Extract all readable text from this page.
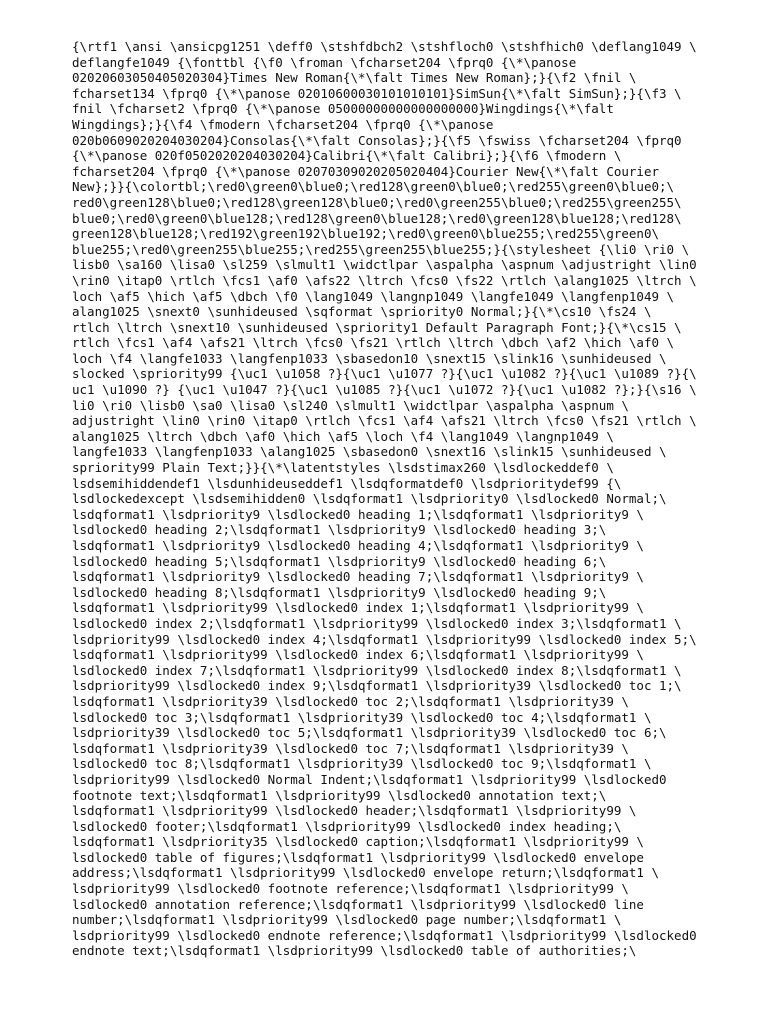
{\rtf1 \ansi \ansicpg1251 \deff0 \stshfdbch2 \stshfloch0 \stshfhich0 \deflang1049 \
deflangfe1049 {\fonttbl {\f0 \froman \fcharset204 \fprq0 {\*\panose
02020603050405020304}Times New Roman{\*\falt Times New Roman};}{\f2 \fnil \
fcharset134 \fprq0 {\*\panose 02010600030101010101}SimSun{\*\falt SimSun};}{\f3 \
fnil \fcharset2 \fprq0 {\*\panose 05000000000000000000}Wingdings{\*\falt
Wingdings};}{\f4 \fmodern \fcharset204 \fprq0 {\*\panose
020b0609020204030204}Consolas{\*\falt Consolas};}{\f5 \fswiss \fcharset204 \fprq0
{\*\panose 020f0502020204030204}Calibri{\*\falt Calibri};}{\f6 \fmodern \
fcharset204 \fprq0 {\*\panose 02070309020205020404}Courier New{\*\falt Courier
New};}}{\colortbl;\red0\green0\blue0;\red128\green0\blue0;\red255\green0\blue0;\
red0\green128\blue0;\red128\green128\blue0;\red0\green255\blue0;\red255\green255\
blue0;\red0\green0\blue128;\red128\green0\blue128;\red0\green128\blue128;\red128\
green128\blue128;\red192\green192\blue192;\red0\green0\blue255;\red255\green0\
blue255;\red0\green255\blue255;\red255\green255\blue255;}{\stylesheet {\li0 \ri0 \
lisb0 \sa160 \lisa0 \sl259 \slmult1 \widctlpar \aspalpha \aspnum \adjustright \lin0
\rin0 \itap0 \rtlch \fcs1 \af0 \afs22 \ltrch \fcs0 \fs22 \rtlch \alang1025 \ltrch \
loch \af5 \hich \af5 \dbch \f0 \lang1049 \langnp1049 \langfe1049 \langfenp1049 \
alang1025 \snext0 \sunhideused \sqformat \spriority0 Normal;}{\*\cs10 \fs24 \
rtlch \ltrch \snext10 \sunhideused \spriority1 Default Paragraph Font;}{\*\cs15 \
rtlch \fcs1 \af4 \afs21 \ltrch \fcs0 \fs21 \rtlch \ltrch \dbch \af2 \hich \af0 \
loch \f4 \langfe1033 \langfenp1033 \sbasedon10 \snext15 \slink16 \sunhideused \
slocked \spriority99 {\uc1 \u1058 ?}{\uc1 \u1077 ?}{\uc1 \u1082 ?}{\uc1 \u1089 ?}{\
uc1 \u1090 ?} {\uc1 \u1047 ?}{\uc1 \u1085 ?}{\uc1 \u1072 ?}{\uc1 \u1082 ?};}{\s16 \
li0 \ri0 \lisb0 \sa0 \lisa0 \sl240 \slmult1 \widctlpar \aspalpha \aspnum \
adjustright \lin0 \rin0 \itap0 \rtlch \fcs1 \af4 \afs21 \ltrch \fcs0 \fs21 \rtlch \
alang1025 \ltrch \dbch \af0 \hich \af5 \loch \f4 \lang1049 \langnp1049 \
langfe1033 \langfenp1033 \alang1025 \sbasedon0 \snext16 \slink15 \sunhideused \
spriority99 Plain Text;}}{\*\latentstyles \lsdstimax260 \lsdlockeddef0 \
lsdsemihiddendef1 \lsdunhideuseddef1 \lsdqformatdef0 \lsdprioritydef99 {\
lsdlockedexcept \lsdsemihidden0 \lsdqformat1 \lsdpriority0 \lsdlocked0 Normal;\
lsdqformat1 \lsdpriority9 \lsdlocked0 heading 1;\lsdqformat1 \lsdpriority9 \
lsdlocked0 heading 2;\lsdqformat1 \lsdpriority9 \lsdlocked0 heading 3;\
lsdqformat1 \lsdpriority9 \lsdlocked0 heading 4;\lsdqformat1 \lsdpriority9 \
lsdlocked0 heading 5;\lsdqformat1 \lsdpriority9 \lsdlocked0 heading 6;\
lsdqformat1 \lsdpriority9 \lsdlocked0 heading 7;\lsdqformat1 \lsdpriority9 \
lsdlocked0 heading 8;\lsdqformat1 \lsdpriority9 \lsdlocked0 heading 9;\
lsdqformat1 \lsdpriority99 \lsdlocked0 index 1;\lsdqformat1 \lsdpriority99 \
lsdlocked0 index 2;\lsdqformat1 \lsdpriority99 \lsdlocked0 index 3;\lsdqformat1 \
lsdpriority99 \lsdlocked0 index 4;\lsdqformat1 \lsdpriority99 \lsdlocked0 index 5;\
lsdqformat1 \lsdpriority99 \lsdlocked0 index 6;\lsdqformat1 \lsdpriority99 \
lsdlocked0 index 7;\lsdqformat1 \lsdpriority99 \lsdlocked0 index 8;\lsdqformat1 \
lsdpriority99 \lsdlocked0 index 9;\lsdqformat1 \lsdpriority39 \lsdlocked0 toc 1;\
lsdqformat1 \lsdpriority39 \lsdlocked0 toc 2;\lsdqformat1 \lsdpriority39 \
lsdlocked0 toc 3;\lsdqformat1 \lsdpriority39 \lsdlocked0 toc 4;\lsdqformat1 \
lsdpriority39 \lsdlocked0 toc 5;\lsdqformat1 \lsdpriority39 \lsdlocked0 toc 6;\
lsdqformat1 \lsdpriority39 \lsdlocked0 toc 7;\lsdqformat1 \lsdpriority39 \
lsdlocked0 toc 8;\lsdqformat1 \lsdpriority39 \lsdlocked0 toc 9;\lsdqformat1 \
lsdpriority99 \lsdlocked0 Normal Indent;\lsdqformat1 \lsdpriority99 \lsdlocked0
footnote text;\lsdqformat1 \lsdpriority99 \lsdlocked0 annotation text;\
lsdqformat1 \lsdpriority99 \lsdlocked0 header;\lsdqformat1 \lsdpriority99 \
lsdlocked0 footer;\lsdqformat1 \lsdpriority99 \lsdlocked0 index heading;\
lsdqformat1 \lsdpriority35 \lsdlocked0 caption;\lsdqformat1 \lsdpriority99 \
lsdlocked0 table of figures;\lsdqformat1 \lsdpriority99 \lsdlocked0 envelope
address;\lsdqformat1 \lsdpriority99 \lsdlocked0 envelope return;\lsdqformat1 \
lsdpriority99 \lsdlocked0 footnote reference;\lsdqformat1 \lsdpriority99 \
lsdlocked0 annotation reference;\lsdqformat1 \lsdpriority99 \lsdlocked0 line
number;\lsdqformat1 \lsdpriority99 \lsdlocked0 page number;\lsdqformat1 \
lsdpriority99 \lsdlocked0 endnote reference;\lsdqformat1 \lsdpriority99 \lsdlocked0
endnote text;\lsdqformat1 \lsdpriority99 \lsdlocked0 table of authorities;\
